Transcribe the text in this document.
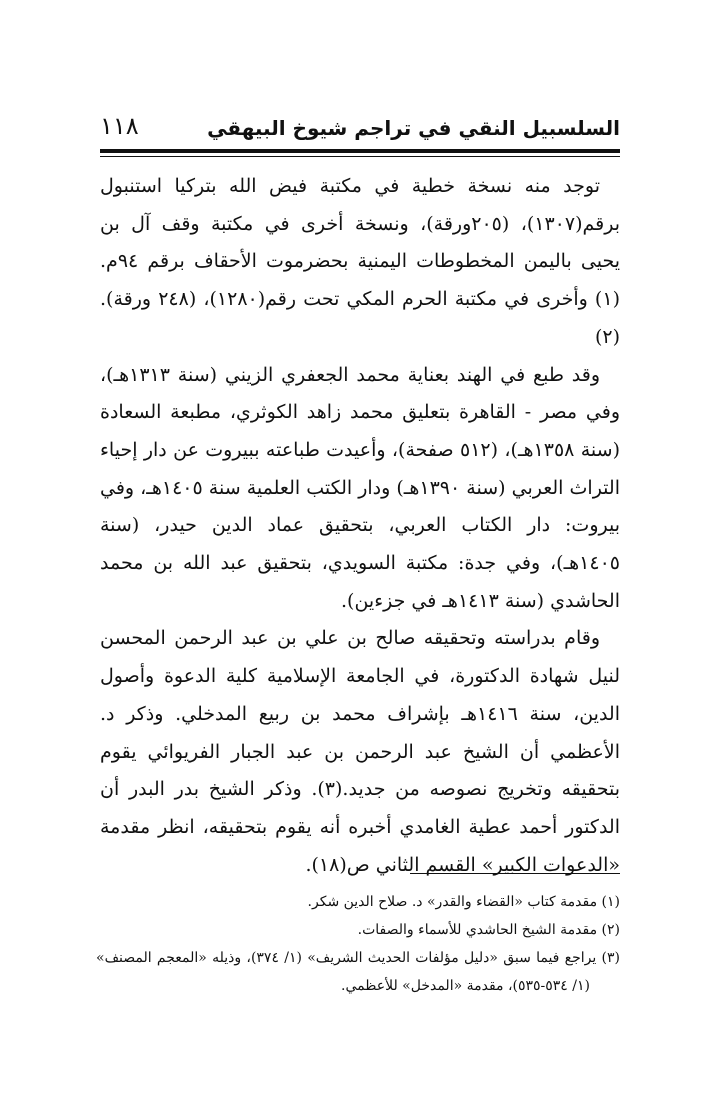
السلسبيل النقي في تراجم شيوخ البيهقي
١١٨

توجد منه نسخة خطية في مكتبة فيض الله بتركيا استنبول برقم(١٣٠٧)، (٢٠٥ورقة)، ونسخة أخرى في مكتبة وقف آل بن يحيى باليمن المخطوطات اليمنية بحضرموت الأحقاف برقم ٩٤م.(١) وأخرى في مكتبة الحرم المكي تحت رقم(١٢٨٠)، (٢٤٨ ورقة).(٢)

وقد طبع في الهند بعناية محمد الجعفري الزيني (سنة ١٣١٣هـ)، وفي مصر - القاهرة بتعليق محمد زاهد الكوثري، مطبعة السعادة (سنة ١٣٥٨هـ)، (٥١٢ صفحة)، وأعيدت طباعته ببيروت عن دار إحياء التراث العربي (سنة ١٣٩٠هـ) ودار الكتب العلمية سنة ١٤٠٥هـ، وفي بيروت: دار الكتاب العربي، بتحقيق عماد الدين حيدر، (سنة ١٤٠٥هـ)، وفي جدة: مكتبة السويدي، بتحقيق عبد الله بن محمد الحاشدي (سنة ١٤١٣هـ في جزءين).

وقام بدراسته وتحقيقه صالح بن علي بن عبد الرحمن المحسن لنيل شهادة الدكتورة، في الجامعة الإسلامية كلية الدعوة وأصول الدين، سنة ١٤١٦هـ بإشراف محمد بن ربيع المدخلي. وذكر د. الأعظمي أن الشيخ عبد الرحمن بن عبد الجبار الفريوائي يقوم بتحقيقه وتخريج نصوصه من جديد.(٣). وذكر الشيخ بدر البدر أن الدكتور أحمد عطية الغامدي أخبره أنه يقوم بتحقيقه، انظر مقدمة «الدعوات الكبير» القسم الثاني ص(١٨).

(١) مقدمة كتاب «القضاء والقدر» د. صلاح الدين شكر.

(٢) مقدمة الشيخ الحاشدي للأسماء والصفات.

(٣) يراجع فيما سبق «دليل مؤلفات الحديث الشريف» (١/ ٣٧٤)، وذيله «المعجم المصنف» (١/ ٥٣٤-٥٣٥)، مقدمة «المدخل» للأعظمي.
